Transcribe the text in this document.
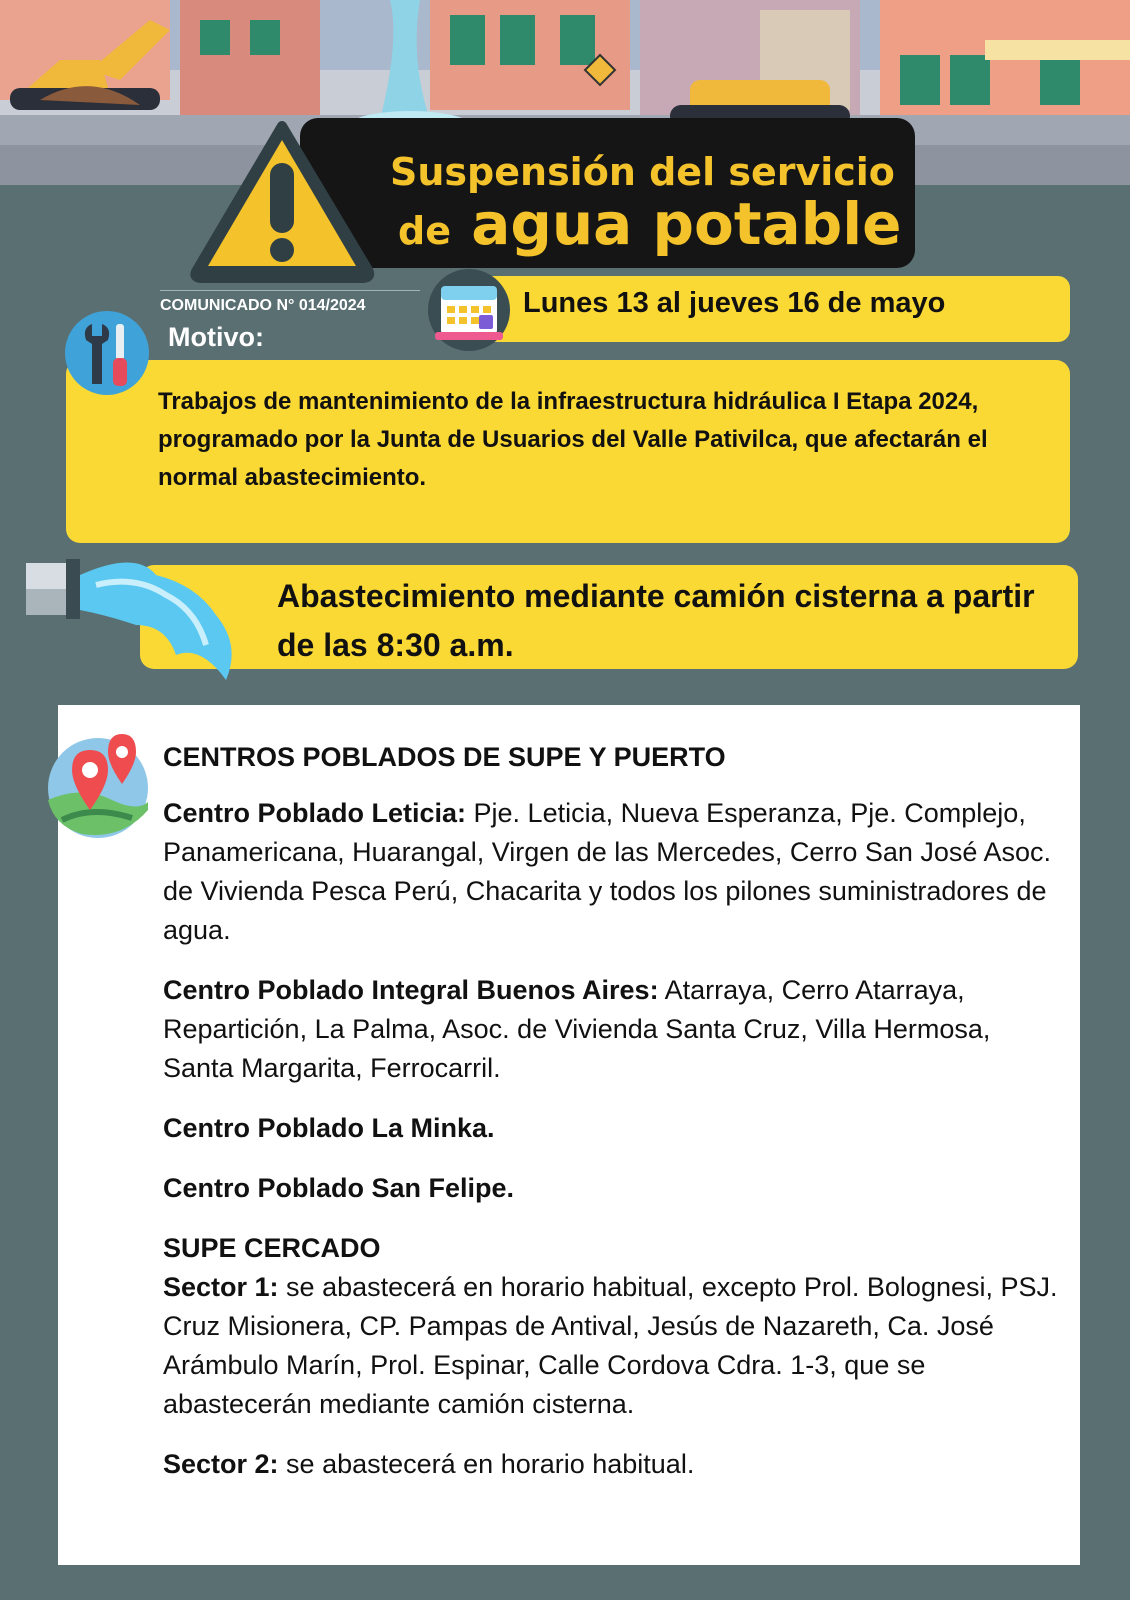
Suspensión del servicio
de agua potable
COMUNICADO N° 014/2024
Motivo:
Lunes 13 al jueves 16 de mayo
Trabajos de mantenimiento de la infraestructura hidráulica I Etapa 2024, programado por la Junta de Usuarios del Valle Pativilca, que afectarán el normal abastecimiento.
Abastecimiento mediante camión cisterna a partir de las 8:30 a.m.

CENTROS POBLADOS DE SUPE Y PUERTO

Centro Poblado Leticia: Pje. Leticia, Nueva Esperanza, Pje. Complejo, Panamericana, Huarangal, Virgen de las Mercedes, Cerro San José Asoc. de Vivienda Pesca Perú, Chacarita y todos los pilones suministradores de agua.

Centro Poblado Integral Buenos Aires: Atarraya, Cerro Atarraya, Repartición, La Palma, Asoc. de Vivienda Santa Cruz, Villa Hermosa, Santa Margarita, Ferrocarril.

Centro Poblado La Minka.

Centro Poblado San Felipe.

SUPE CERCADO

Sector 1: se abastecerá en horario habitual, excepto Prol. Bolognesi, PSJ. Cruz Misionera, CP. Pampas de Antival, Jesús de Nazareth, Ca. José Arámbulo Marín, Prol. Espinar, Calle Cordova Cdra. 1-3, que se abastecerán mediante camión cisterna.

Sector 2: se abastecerá en horario habitual.
